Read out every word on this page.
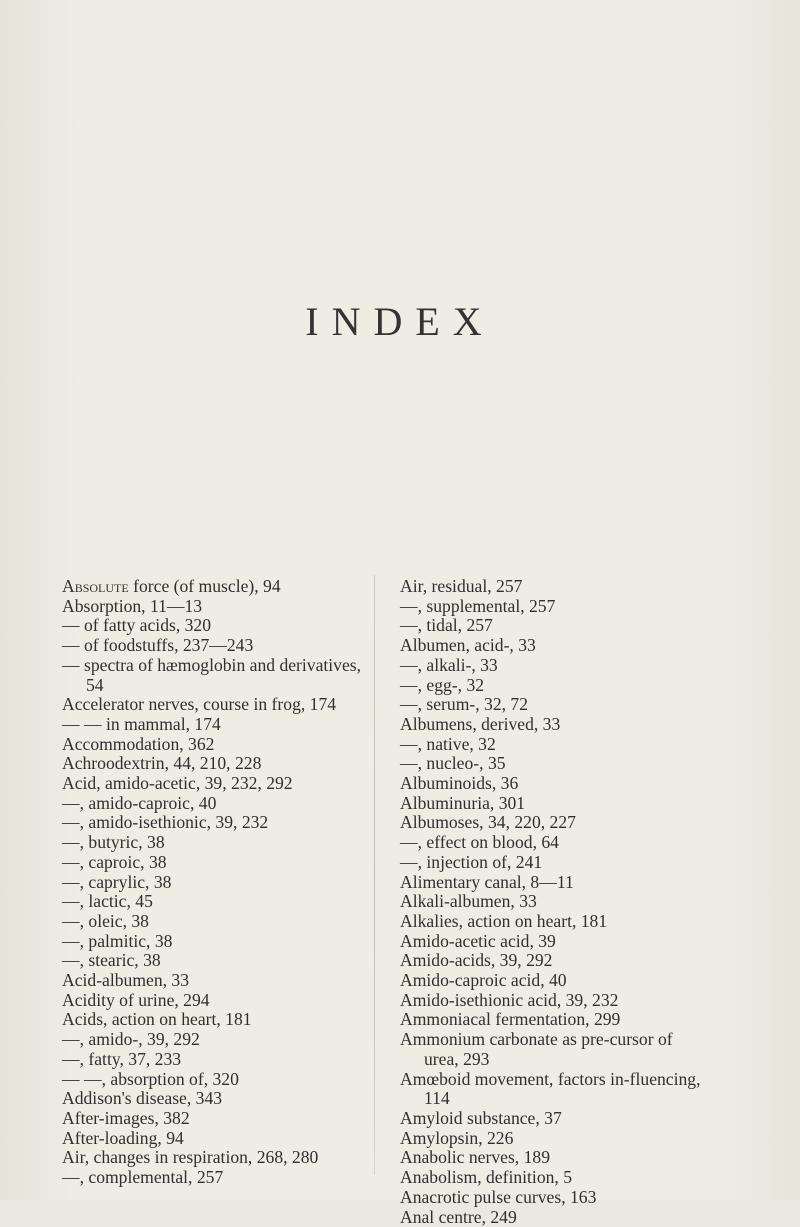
INDEX

Absolute force (of muscle), 94

Absorption, 11—13

— of fatty acids, 320

— of foodstuffs, 237—243

— spectra of hæmoglobin and derivatives, 54

Accelerator nerves, course in frog, 174

— — in mammal, 174

Accommodation, 362

Achroodextrin, 44, 210, 228

Acid, amido-acetic, 39, 232, 292

—, amido-caproic, 40

—, amido-isethionic, 39, 232

—, butyric, 38

—, caproic, 38

—, caprylic, 38

—, lactic, 45

—, oleic, 38

—, palmitic, 38

—, stearic, 38

Acid-albumen, 33

Acidity of urine, 294

Acids, action on heart, 181

—, amido-, 39, 292

—, fatty, 37, 233

— —, absorption of, 320

Addison's disease, 343

After-images, 382

After-loading, 94

Air, changes in respiration, 268, 280

—, complemental, 257

Air, residual, 257

—, supplemental, 257

—, tidal, 257

Albumen, acid-, 33

—, alkali-, 33

—, egg-, 32

—, serum-, 32, 72

Albumens, derived, 33

—, native, 32

—, nucleo-, 35

Albuminoids, 36

Albuminuria, 301

Albumoses, 34, 220, 227

—, effect on blood, 64

—, injection of, 241

Alimentary canal, 8—11

Alkali-albumen, 33

Alkalies, action on heart, 181

Amido-acetic acid, 39

Amido-acids, 39, 292

Amido-caproic acid, 40

Amido-isethionic acid, 39, 232

Ammoniacal fermentation, 299

Ammonium carbonate as pre-cursor of urea, 293

Amœboid movement, factors in-fluencing, 114

Amyloid substance, 37

Amylopsin, 226

Anabolic nerves, 189

Anabolism, definition, 5

Anacrotic pulse curves, 163

Anal centre, 249
